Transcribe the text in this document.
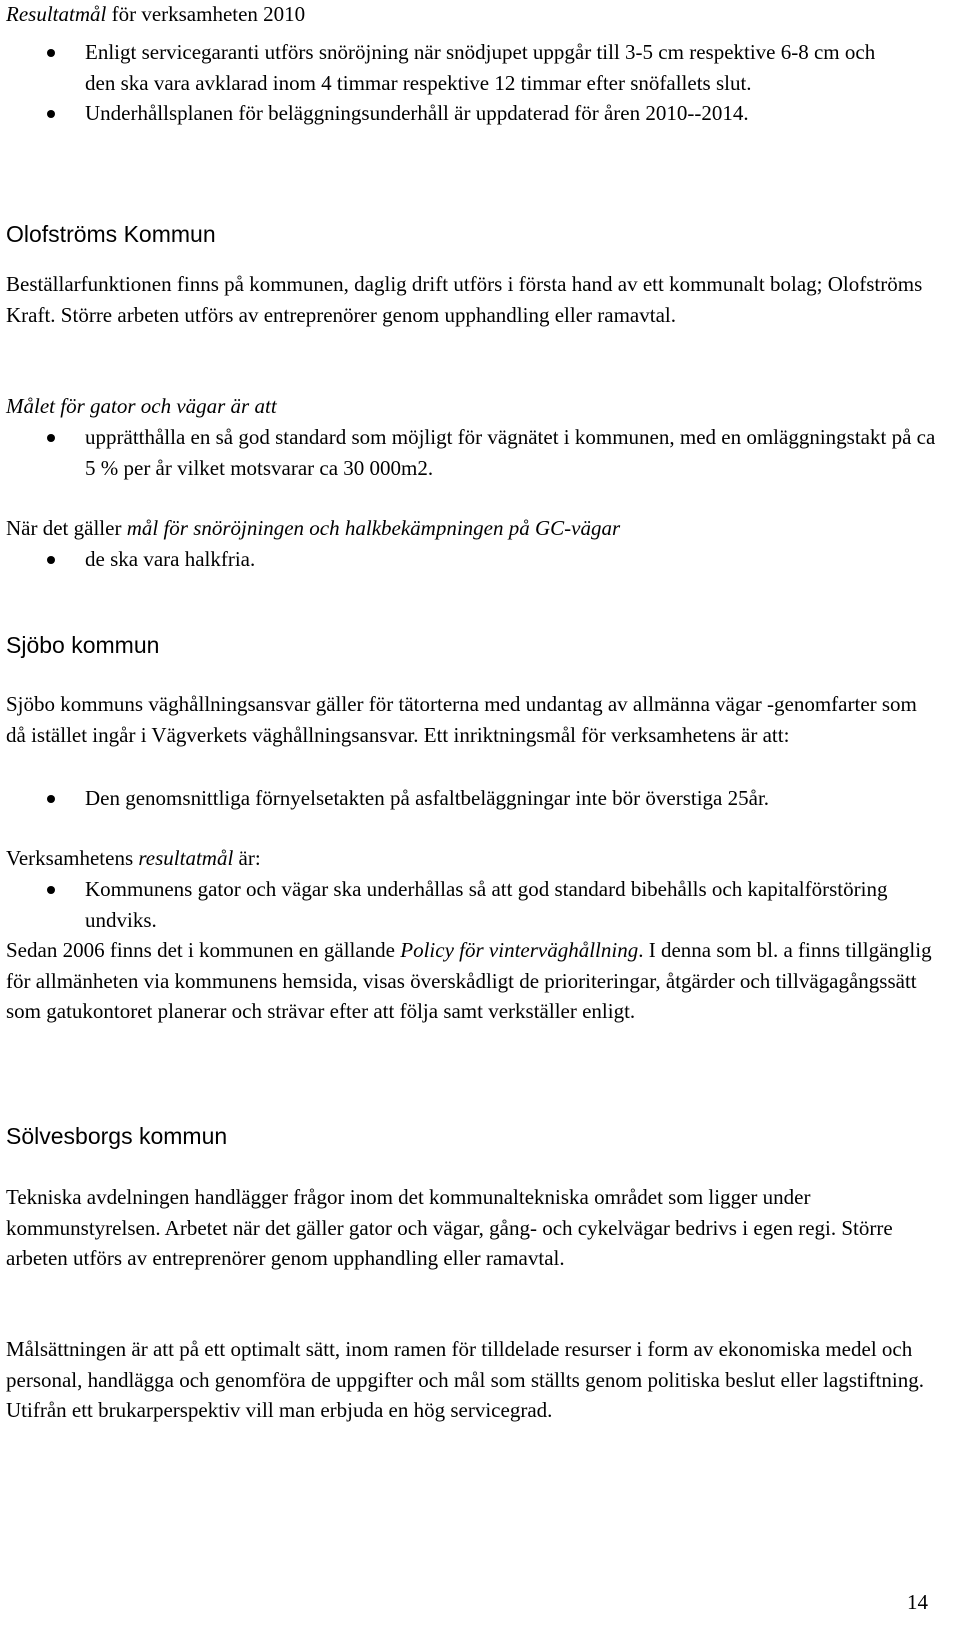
Resultatmål för verksamheten 2010

Enligt servicegaranti utförs snöröjning när snödjupet uppgår till 3-5 cm respektive 6-8 cm och den ska vara avklarad inom 4 timmar respektive 12 timmar efter snöfallets slut.
Underhållsplanen för beläggningsunderhåll är uppdaterad för åren 2010--2014.
Olofströms Kommun

Beställarfunktionen finns på kommunen, daglig drift utförs i första hand av ett kommunalt bolag; Olofströms Kraft. Större arbeten utförs av entreprenörer genom upphandling eller ramavtal.

Målet för gator och vägar är att

upprätthålla en så god standard som möjligt för vägnätet i kommunen, med en omläggningstakt på ca 5 % per år vilket motsvarar ca 30 000m2.

När det gäller mål för snöröjningen och halkbekämpningen på GC-vägar

de ska vara halkfria.
Sjöbo kommun

Sjöbo kommuns väghållningsansvar gäller för tätorterna med undantag av allmänna vägar -genomfarter som då istället ingår i Vägverkets väghållningsansvar. Ett inriktningsmål för verksamhetens är att:

Den genomsnittliga förnyelsetakten på asfaltbeläggningar inte bör överstiga 25år.

Verksamhetens resultatmål är:

Kommunens gator och vägar ska underhållas så att god standard bibehålls och kapitalförstöring undviks.

Sedan 2006 finns det i kommunen en gällande Policy för vinterväghållning. I denna som bl. a finns tillgänglig för allmänheten via kommunens hemsida, visas överskådligt de prioriteringar, åtgärder och tillvägagångssätt som gatukontoret planerar och strävar efter att följa samt verkställer enligt.

Sölvesborgs kommun

Tekniska avdelningen handlägger frågor inom det kommunaltekniska området som ligger under kommunstyrelsen. Arbetet när det gäller gator och vägar, gång- och cykelvägar bedrivs i egen regi. Större arbeten utförs av entreprenörer genom upphandling eller ramavtal.

Målsättningen är att på ett optimalt sätt, inom ramen för tilldelade resurser i form av ekonomiska medel och personal, handlägga och genomföra de uppgifter och mål som ställts genom politiska beslut eller lagstiftning. Utifrån ett brukarperspektiv vill man erbjuda en hög servicegrad.

14
